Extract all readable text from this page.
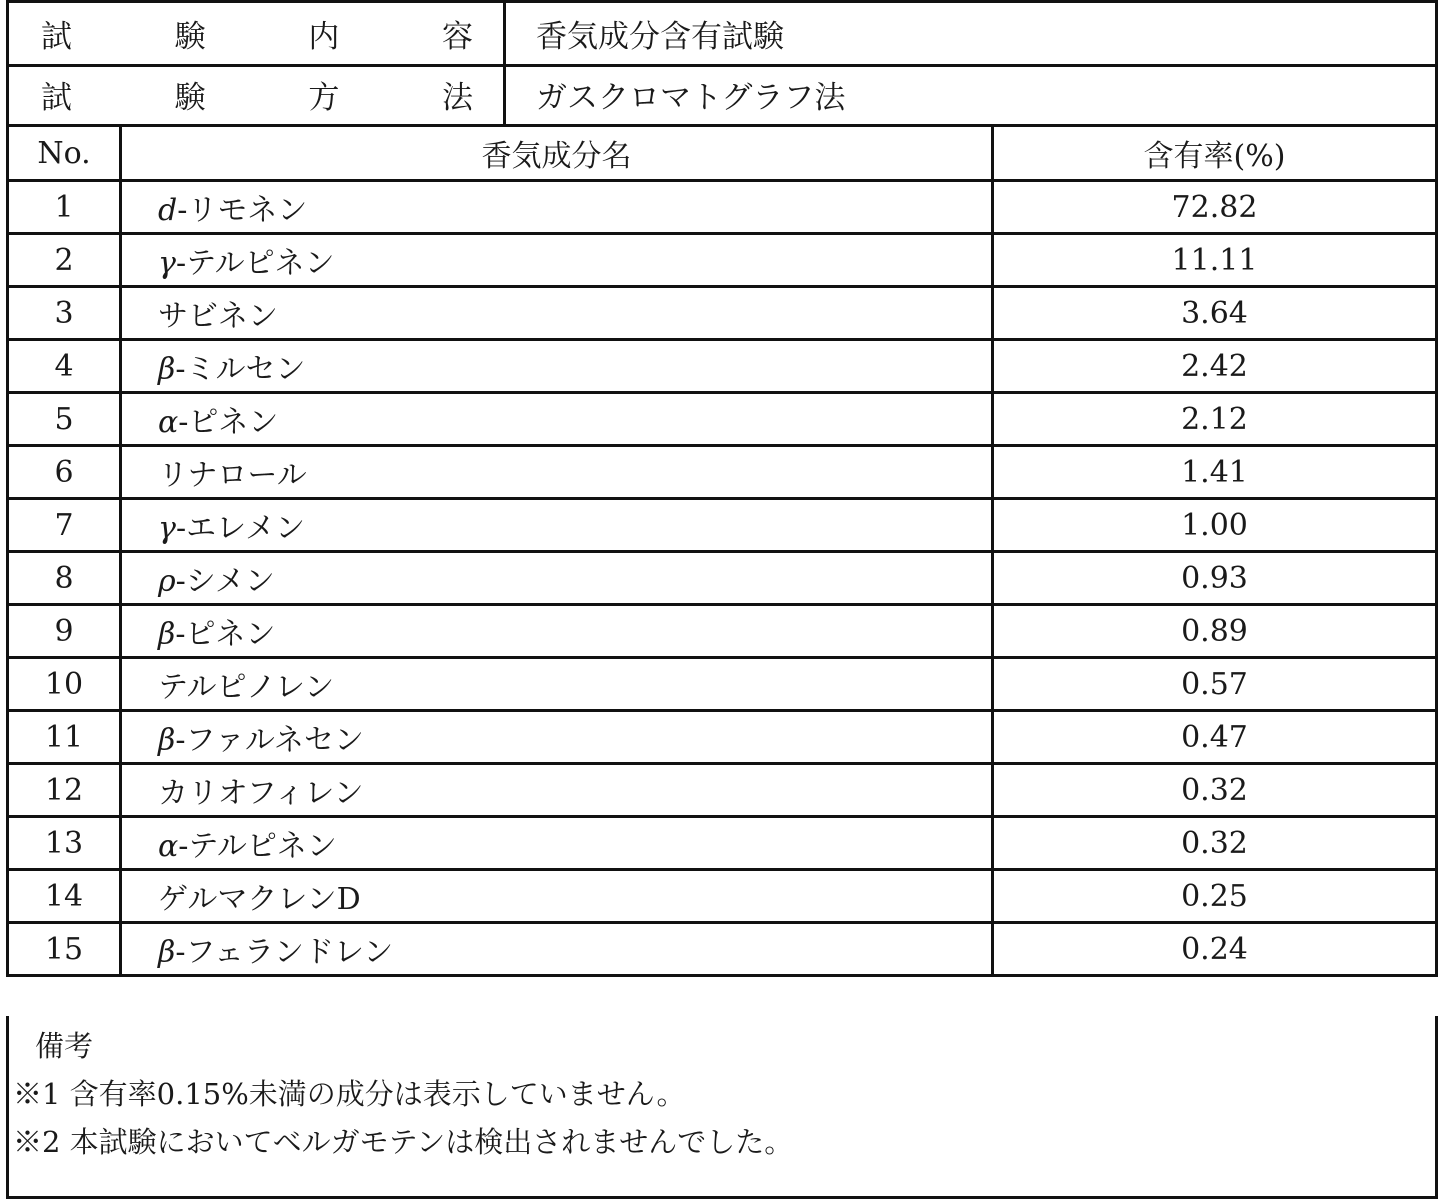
試	験	内	容	香気成分含有試験
試	験	方	法	ガスクロマトグラフ法
No.	香気成分名	含有率(%)
1	d-リモネン	72.82
2	γ-テルピネン	11.11
3	サビネン	3.64
4	β-ミルセン	2.42
5	α-ピネン	2.12
6	リナロール	1.41
7	γ-エレメン	1.00
8	ρ-シメン	0.93
9	β-ピネン	0.89
10	テルピノレン	0.57
11	β-ファルネセン	0.47
12	カリオフィレン	0.32
13	α-テルピネン	0.32
14	ゲルマクレンD	0.25
15	β-フェランドレン	0.24
備考
※1 含有率0.15%未満の成分は表示していません。
※2 本試験においてベルガモテンは検出されませんでした。
